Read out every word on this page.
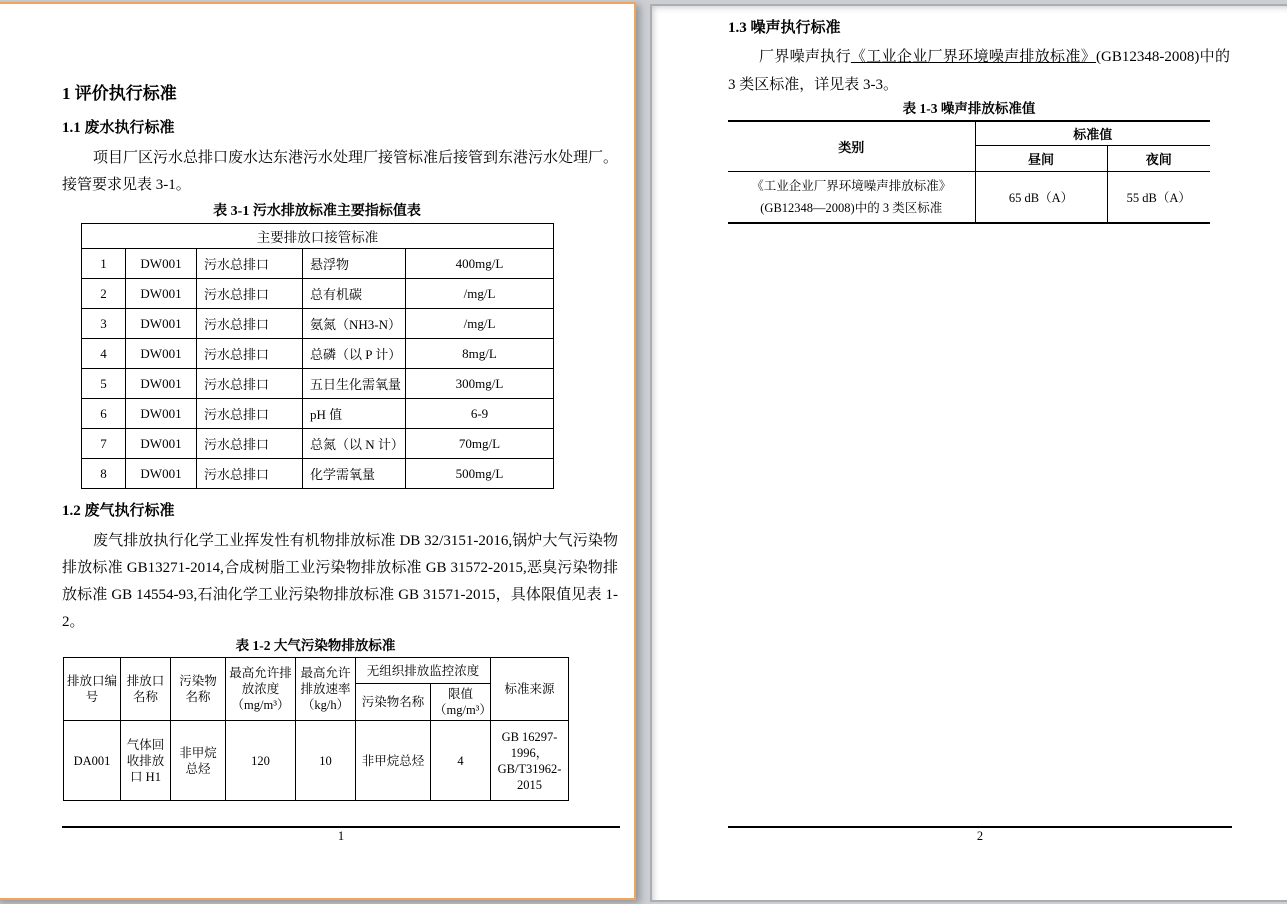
1 评价执行标准
1.1 废水执行标准

项目厂区污水总排口废水达东港污水处理厂接管标准后接管到东港污水处理厂。接管要求见表 3-1。

表 3-1 污水排放标准主要指标值表
主要排放口接管标准				
1	DW001	污水总排口	悬浮物	400mg/L
2	DW001	污水总排口	总有机碳	/mg/L
3	DW001	污水总排口	氨氮（NH3-N）	/mg/L
4	DW001	污水总排口	总磷（以 P 计）	8mg/L
5	DW001	污水总排口	五日生化需氧量	300mg/L
6	DW001	污水总排口	pH 值	6-9
7	DW001	污水总排口	总氮（以 N 计）	70mg/L
8	DW001	污水总排口	化学需氧量	500mg/L
1.2 废气执行标准

废气排放执行化学工业挥发性有机物排放标准 DB 32/3151-2016,锅炉大气污染物排放标准 GB13271-2014,合成树脂工业污染物排放标准 GB 31572-2015,恶臭污染物排放标准 GB 14554-93,石油化学工业污染物排放标准 GB 31571-2015，具体限值见表 1-2。

表 1-2 大气污染物排放标准
排放口编号	排放口名称	污染物名称	最高允许排放浓度（mg/m³）	最高允许排放速率（kg/h）	无组织排放监控浓度		标准来源
					污染物名称	限值（mg/m³）	
DA001	气体回收排放口 H1	非甲烷总烃	120	10	非甲烷总烃	4	GB 16297-1996，GB/T31962-2015
1
1.3 噪声执行标准

厂界噪声执行《工业企业厂界环境噪声排放标准》(GB12348-2008)中的 3 类区标准，详见表 3-3。

表 1-3 噪声排放标准值
类别	标准值	
	昼间	夜间

《工业企业厂界环境噪声排放标准》
(GB12348—2008)中的 3 类区标准	65 dB（A）	55 dB（A）
2
